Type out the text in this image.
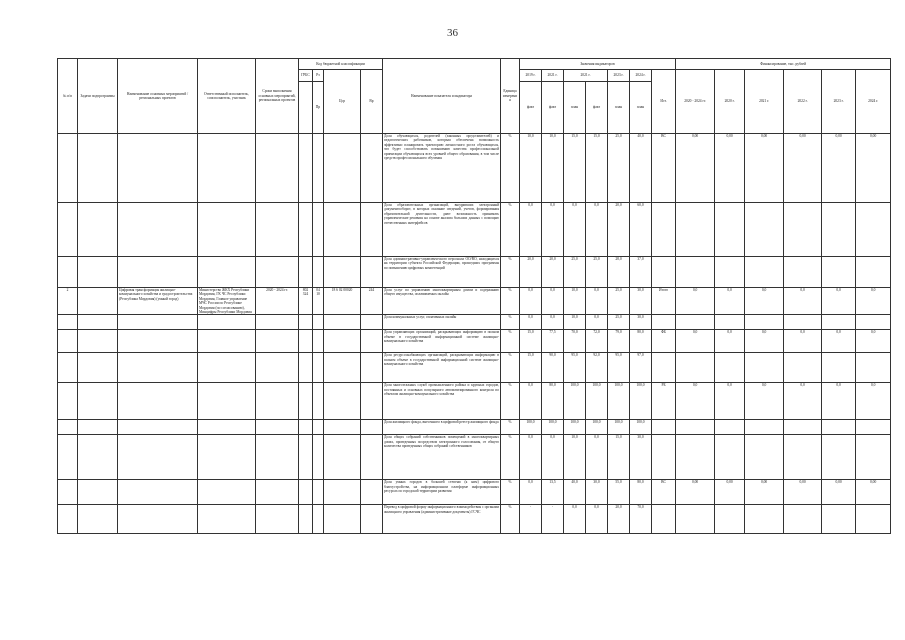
36
№ п/п	Задачи подпрограммы	Наименование основных мероприятий / региональных проектов	Ответственный исполнитель, соисполнитель, участник	Сроки выполнения основных мероприятий, региональных проектов	Код бюджетной классификации				Наименование показателя и индикатора	Единица измерения	Значения индикаторов							Финансирование, тыс. рублей					
					ГРБС	Рз	Цср	Вр			2019 г.	2021 г.	2021 г.		2023 г.	2024 г.	Ист.	2020 - 2024 гг.	2020 г.	2021 г.	2022 г.	2023 г.	2024 г.
						Пр					факт	факт	план	факт	план	план							
									Доля обучающихся, родителей (законных представителей) и педагогических работников, которым обеспечена возможность эффективно планировать траекторию личностного роста обучающихся, что будет способствовать повышению качества профессиональной ориентации обучающихся всех уровней общего образования, в том числе средств профессионального обучения	%	10,0	10,0	15,0	15,0	25,0	40,0	ВС	0,00	0,00	0,00	0,00	0,00	0,00
									Доля образовательных организаций, внедривших электронный документооборот, в которых оказание сведений, учетов, формирования образовательной деятельности, дают возможность принимать управленческие решения на основе анализа больших данных с помощью отечественных интерфейсов	%	0,0	0,0	0,0	0,0	20,0	60,0							
									Доля административно-управленческого персонала ОО/ВО, находящихся на территории субъекта Российской Федерации, прошедших программы по повышению цифровых компетенций	%	20,0	20,0	25,0	25,0	28,0	37,0							
2		Цифровая трансформация жилищно-коммунального хозяйства и градостроительства (Республика Мордовия) (умный город)	Министерство ЖКХ Республики Мордовия, ГК ЧС Республики Мордовия, Главное управление МЧС России по Республике Мордовия (по согласованию), Минцифры Республики Мордовия	2020 - 2024 гг.	802 324	04 10	18 6 02 00020	244	Доля услуг по управлению многоквартирным домом и содержанию общего имущества, оплачиваемых онлайн	%	0,0	0,0	10,0	0,0	25,0	30,0	Итого	0,0	0,0	0,0	0,0	0,0	0,0
									Доля коммунальных услуг, оплаченных онлайн	%	0,0	0,0	10,0	0,0	25,0	30,0							
									Доля управляющих организаций, раскрывающих информацию в полном объеме в государственной информационной системе жилищно-коммунального хозяйства	%	15,0	77,5	70,0	72,0	79,0	80,0	ФБ	0,0	0,0	0,0	0,0	0,0	0,0
									Доля ресурсоснабжающих организаций, раскрывающих информацию в полном объеме в государственной информационной системе жилищно-коммунального хозяйства	%	15,0	90,0	95,0	92,0	95,0	97,0							
									Доля многоэтажных служб промышленного района и крупных городов, постоянных и основных популярного автоматизированного контроля по объектам жилищно-коммунального хозяйства	%	0,0	80,0	100,0	100,0	100,0	100,0	РБ	0,0	0,0	0,0	0,0	0,0	0,0
									Доля жилищного фонда, внесенного в цифровой реестр жилищного фонда	%	100,0	100,0	100,0	100,0	100,0	100,0							
									Доля общих собраний собственников помещений в многоквартирных домах, проведенных посредством электронного голосования, от общего количества проведенных общих собраний собственников	%	0,0	0,0	10,0	0,0	15,0	30,0							
									Доля умных городов в большей степени (к ним) цифрового благоустройства, на информационном платформе информационных ресурсах по городской территории развития	%	0,0	13,5	40,0	30,0	55,0	80,0	ВС	0,00	0,00	0,00	0,00	0,00	0,00
									Перевод в цифровой форму информационного взаимодействия с органами жилищного управления (административные документы) ГСЧС	%	-	-	0,0	0,0	20,0	70,0							
